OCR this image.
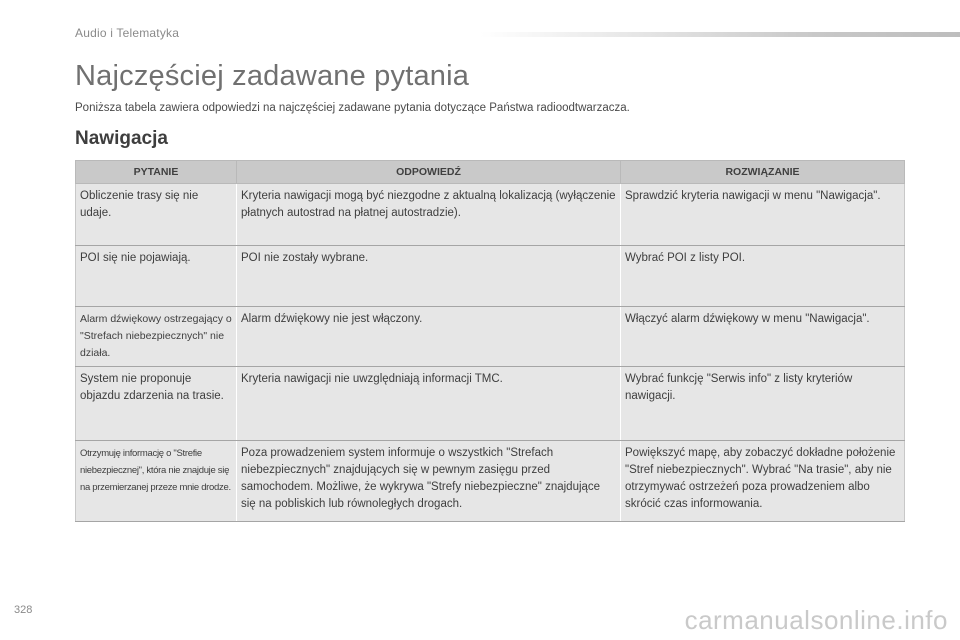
Audio i Telematyka
Najczęściej zadawane pytania
Poniższa tabela zawiera odpowiedzi na najczęściej zadawane pytania dotyczące Państwa radioodtwarzacza.
Nawigacja
PYTANIE	ODPOWIEDŹ	ROZWIĄZANIE
Obliczenie trasy się nie udaje.	Kryteria nawigacji mogą być niezgodne z aktualną lokalizacją (wyłączenie płatnych autostrad na płatnej autostradzie).	Sprawdzić kryteria nawigacji w menu "Nawigacja".
POI się nie pojawiają.	POI nie zostały wybrane.	Wybrać POI z listy POI.
Alarm dźwiękowy ostrzegający o "Strefach niebezpiecznych" nie działa.	Alarm dźwiękowy nie jest włączony.	Włączyć alarm dźwiękowy w menu "Nawigacja".
System nie proponuje objazdu zdarzenia na trasie.	Kryteria nawigacji nie uwzględniają informacji TMC.	Wybrać funkcję "Serwis info" z listy kryteriów nawigacji.
Otrzymuję informację o "Strefie niebezpiecznej", która nie znajduje się na przemierzanej przeze mnie drodze.	Poza prowadzeniem system informuje o wszystkich "Strefach niebezpiecznych" znajdujących się w pewnym zasięgu przed samochodem. Możliwe, że wykrywa "Strefy niebezpieczne" znajdujące się na pobliskich lub równoległych drogach.	Powiększyć mapę, aby zobaczyć dokładne położenie "Stref niebezpiecznych". Wybrać "Na trasie", aby nie otrzymywać ostrzeżeń poza prowadzeniem albo skrócić czas informowania.
328	carmanualsonline.info
